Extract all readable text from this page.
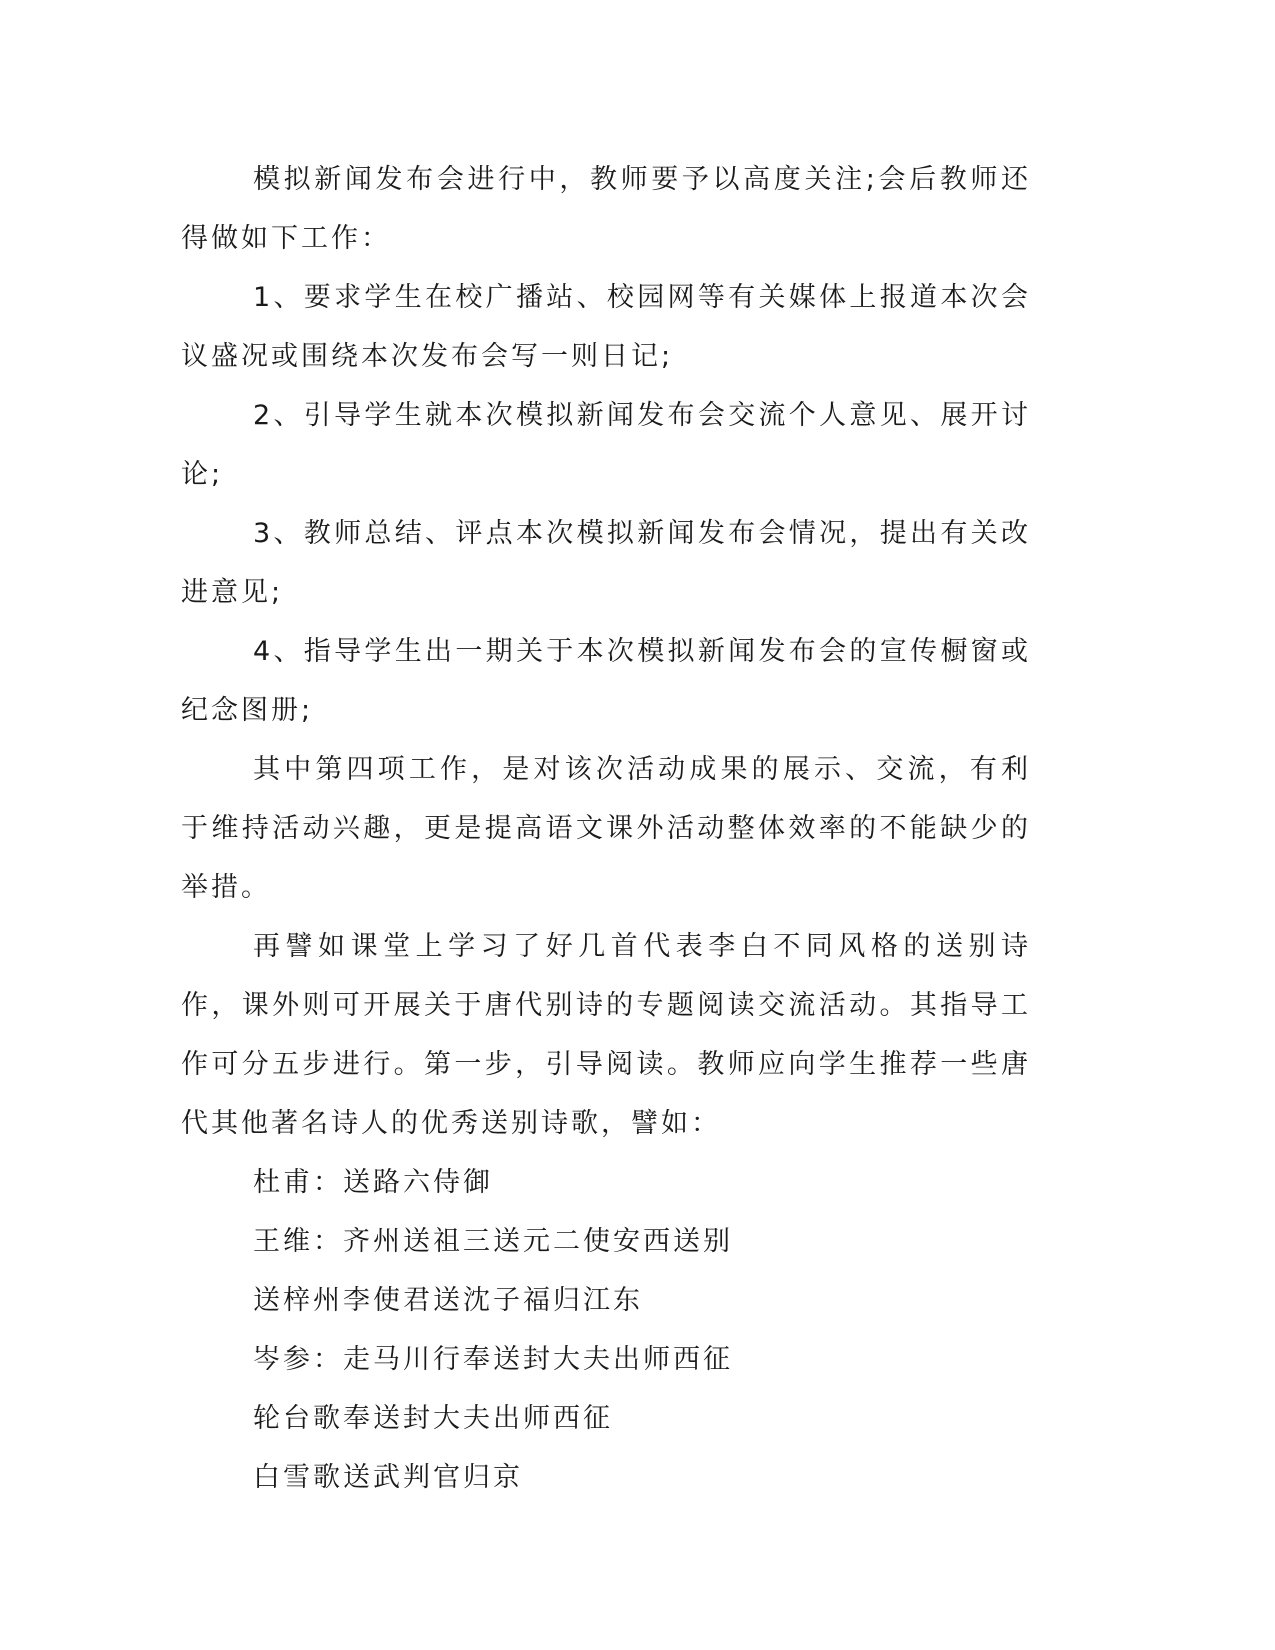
模拟新闻发布会进行中，教师要予以高度关注;会后教师还得做如下工作：

1、要求学生在校广播站、校园网等有关媒体上报道本次会议盛况或围绕本次发布会写一则日记;

2、引导学生就本次模拟新闻发布会交流个人意见、展开讨论;

3、教师总结、评点本次模拟新闻发布会情况，提出有关改进意见;

4、指导学生出一期关于本次模拟新闻发布会的宣传橱窗或纪念图册;

其中第四项工作，是对该次活动成果的展示、交流，有利于维持活动兴趣，更是提高语文课外活动整体效率的不能缺少的举措。

再譬如课堂上学习了好几首代表李白不同风格的送别诗作，课外则可开展关于唐代别诗的专题阅读交流活动。其指导工作可分五步进行。第一步，引导阅读。教师应向学生推荐一些唐代其他著名诗人的优秀送别诗歌，譬如：

杜甫：送路六侍御

王维：齐州送祖三送元二使安西送别

送梓州李使君送沈子福归江东

岑参：走马川行奉送封大夫出师西征

轮台歌奉送封大夫出师西征

白雪歌送武判官归京
